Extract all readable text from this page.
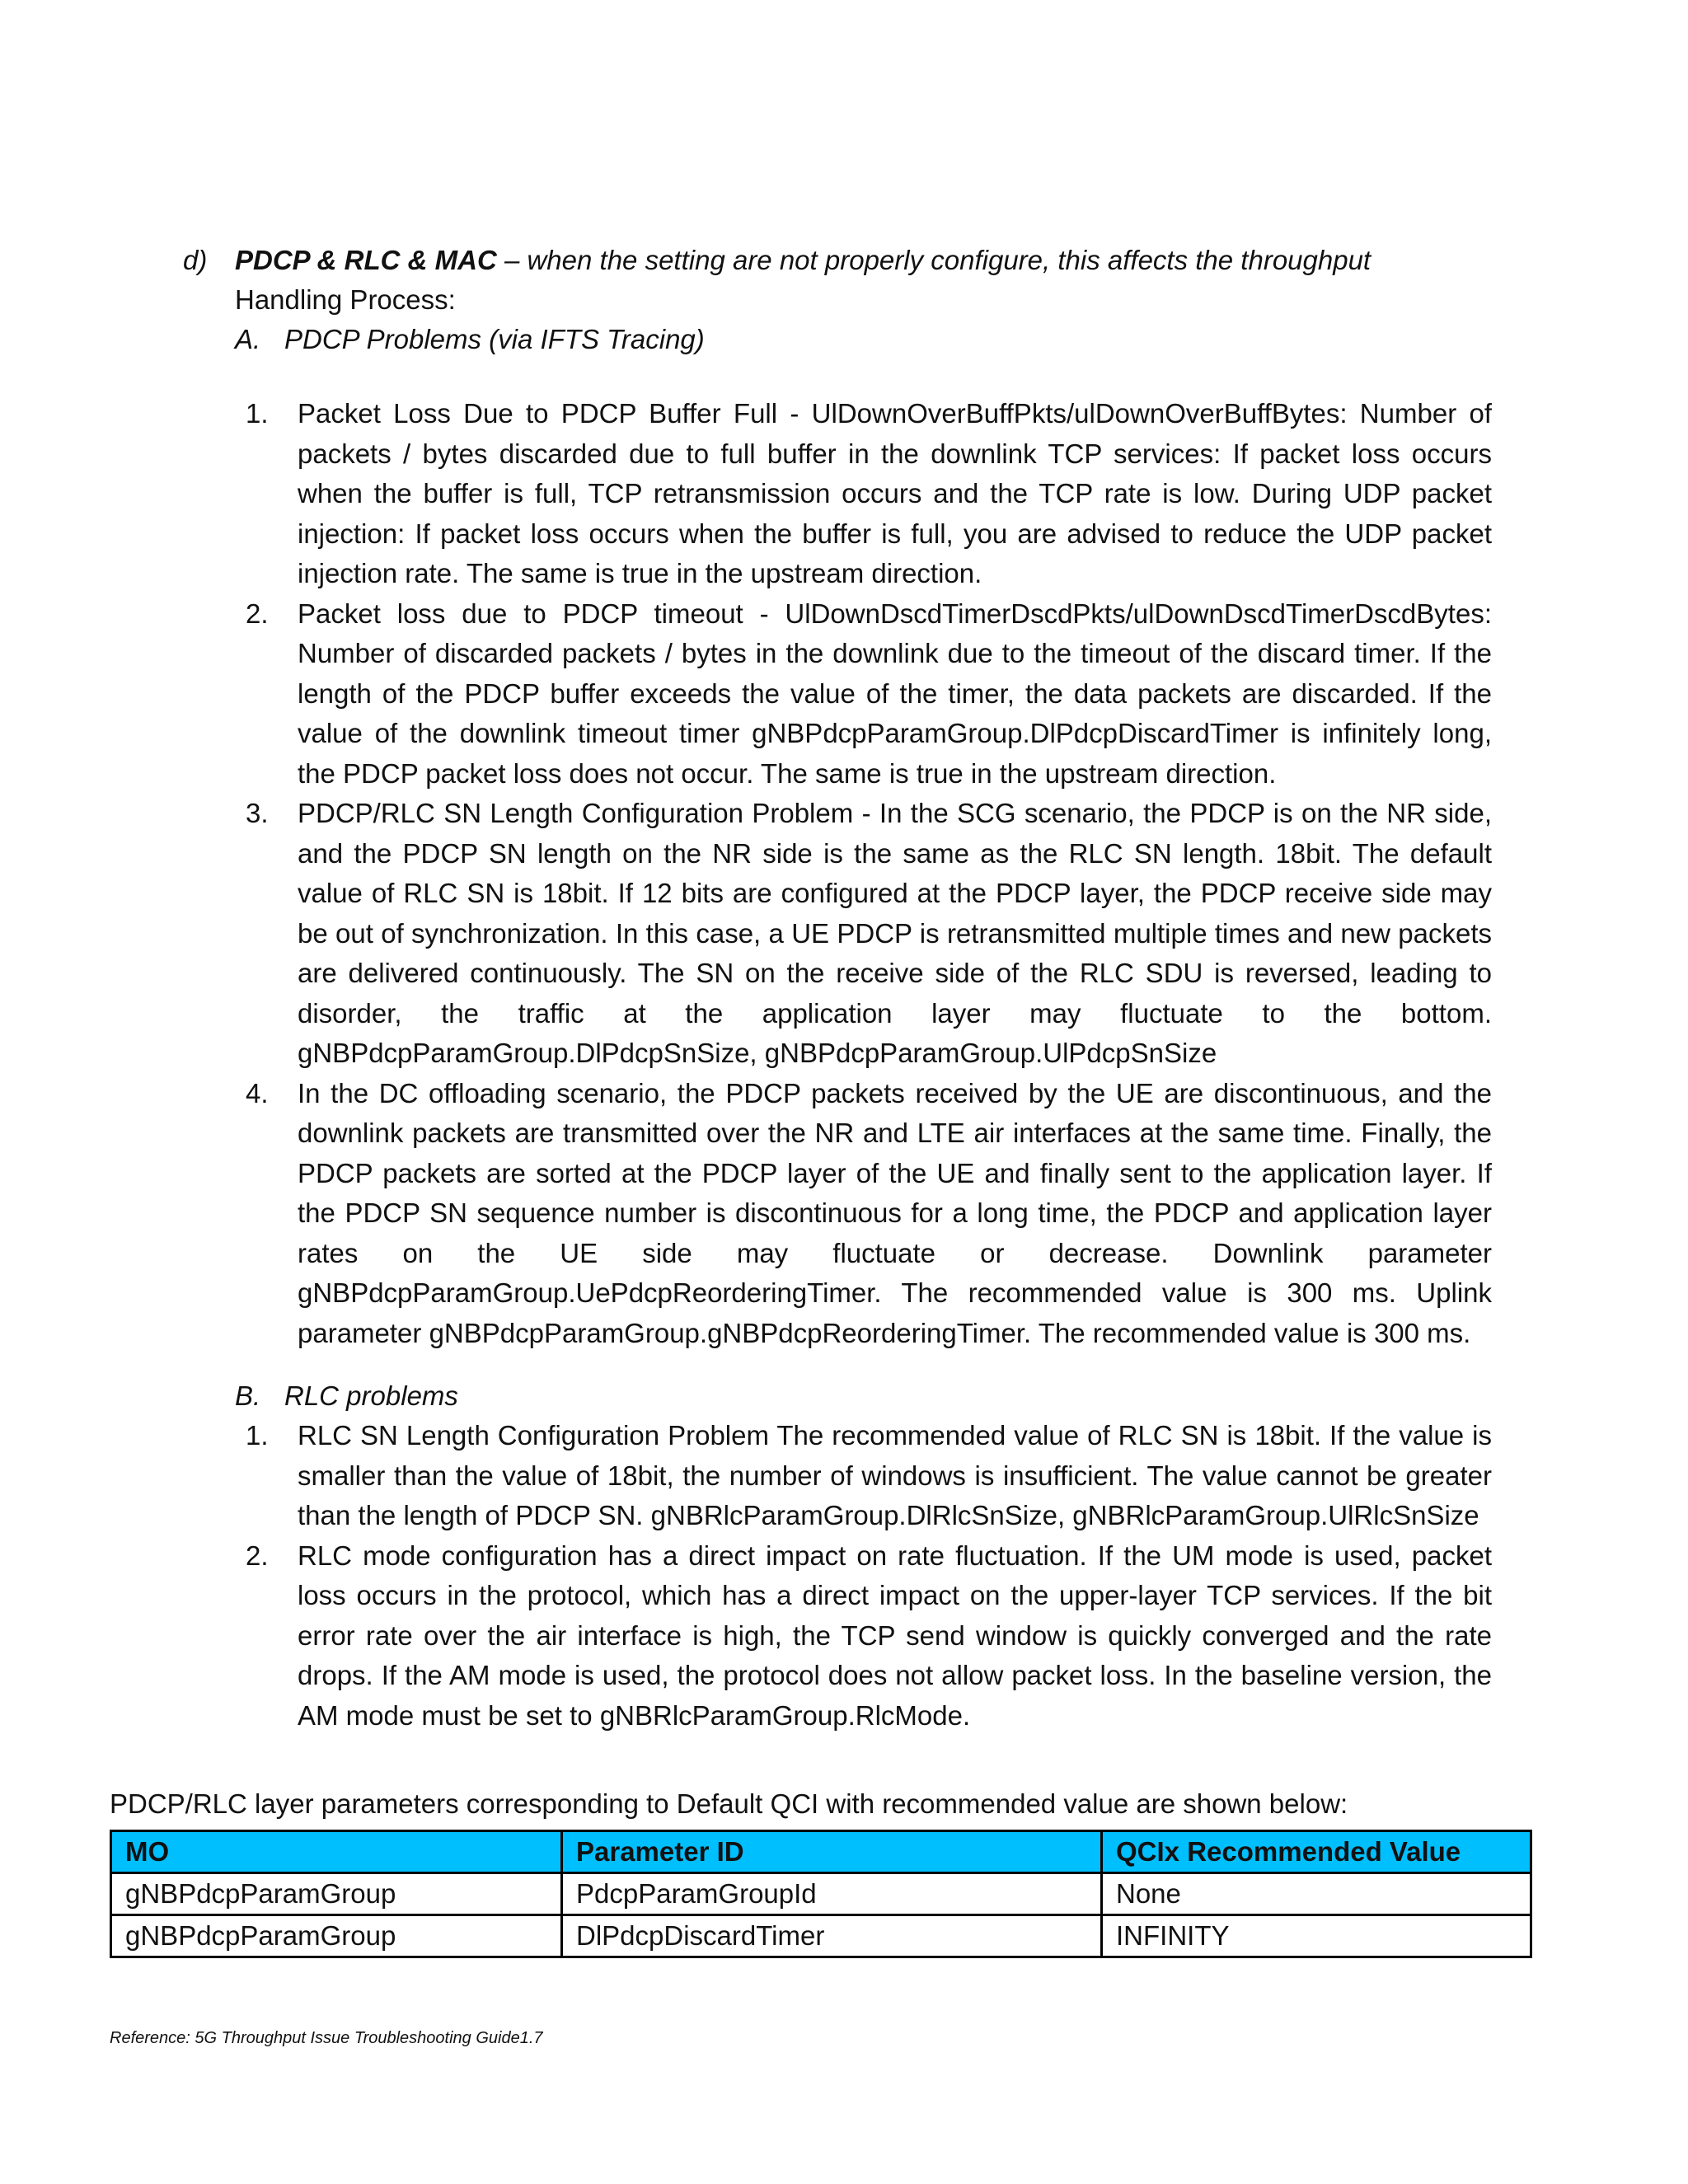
d) PDCP & RLC & MAC – when the setting are not properly configure, this affects the throughput
Handling Process:
A. PDCP Problems (via IFTS Tracing)
1. Packet Loss Due to PDCP Buffer Full - UlDownOverBuffPkts/ulDownOverBuffBytes: Number of packets / bytes discarded due to full buffer in the downlink TCP services: If packet loss occurs when the buffer is full, TCP retransmission occurs and the TCP rate is low. During UDP packet injection: If packet loss occurs when the buffer is full, you are advised to reduce the UDP packet injection rate. The same is true in the upstream direction.
2. Packet loss due to PDCP timeout - UlDownDscdTimerDscdPkts/ulDownDscdTimerDscdBytes: Number of discarded packets / bytes in the downlink due to the timeout of the discard timer. If the length of the PDCP buffer exceeds the value of the timer, the data packets are discarded. If the value of the downlink timeout timer gNBPdcpParamGroup.DlPdcpDiscardTimer is infinitely long, the PDCP packet loss does not occur. The same is true in the upstream direction.
3. PDCP/RLC SN Length Configuration Problem - In the SCG scenario, the PDCP is on the NR side, and the PDCP SN length on the NR side is the same as the RLC SN length. 18bit. The default value of RLC SN is 18bit. If 12 bits are configured at the PDCP layer, the PDCP receive side may be out of synchronization. In this case, a UE PDCP is retransmitted multiple times and new packets are delivered continuously. The SN on the receive side of the RLC SDU is reversed, leading to disorder, the traffic at the application layer may fluctuate to the bottom. gNBPdcpParamGroup.DlPdcpSnSize, gNBPdcpParamGroup.UlPdcpSnSize
4. In the DC offloading scenario, the PDCP packets received by the UE are discontinuous, and the downlink packets are transmitted over the NR and LTE air interfaces at the same time. Finally, the PDCP packets are sorted at the PDCP layer of the UE and finally sent to the application layer. If the PDCP SN sequence number is discontinuous for a long time, the PDCP and application layer rates on the UE side may fluctuate or decrease. Downlink parameter gNBPdcpParamGroup.UePdcpReorderingTimer. The recommended value is 300 ms. Uplink parameter gNBPdcpParamGroup.gNBPdcpReorderingTimer. The recommended value is 300 ms.
B. RLC problems
1. RLC SN Length Configuration Problem The recommended value of RLC SN is 18bit. If the value is smaller than the value of 18bit, the number of windows is insufficient. The value cannot be greater than the length of PDCP SN. gNBRlcParamGroup.DlRlcSnSize, gNBRlcParamGroup.UlRlcSnSize
2. RLC mode configuration has a direct impact on rate fluctuation. If the UM mode is used, packet loss occurs in the protocol, which has a direct impact on the upper-layer TCP services. If the bit error rate over the air interface is high, the TCP send window is quickly converged and the rate drops. If the AM mode is used, the protocol does not allow packet loss. In the baseline version, the AM mode must be set to gNBRlcParamGroup.RlcMode.
PDCP/RLC layer parameters corresponding to Default QCI with recommended value are shown below:
MO	Parameter ID	QCIx Recommended Value
gNBPdcpParamGroup	PdcpParamGroupId	None
gNBPdcpParamGroup	DlPdcpDiscardTimer	INFINITY
Reference: 5G Throughput Issue Troubleshooting Guide1.7
